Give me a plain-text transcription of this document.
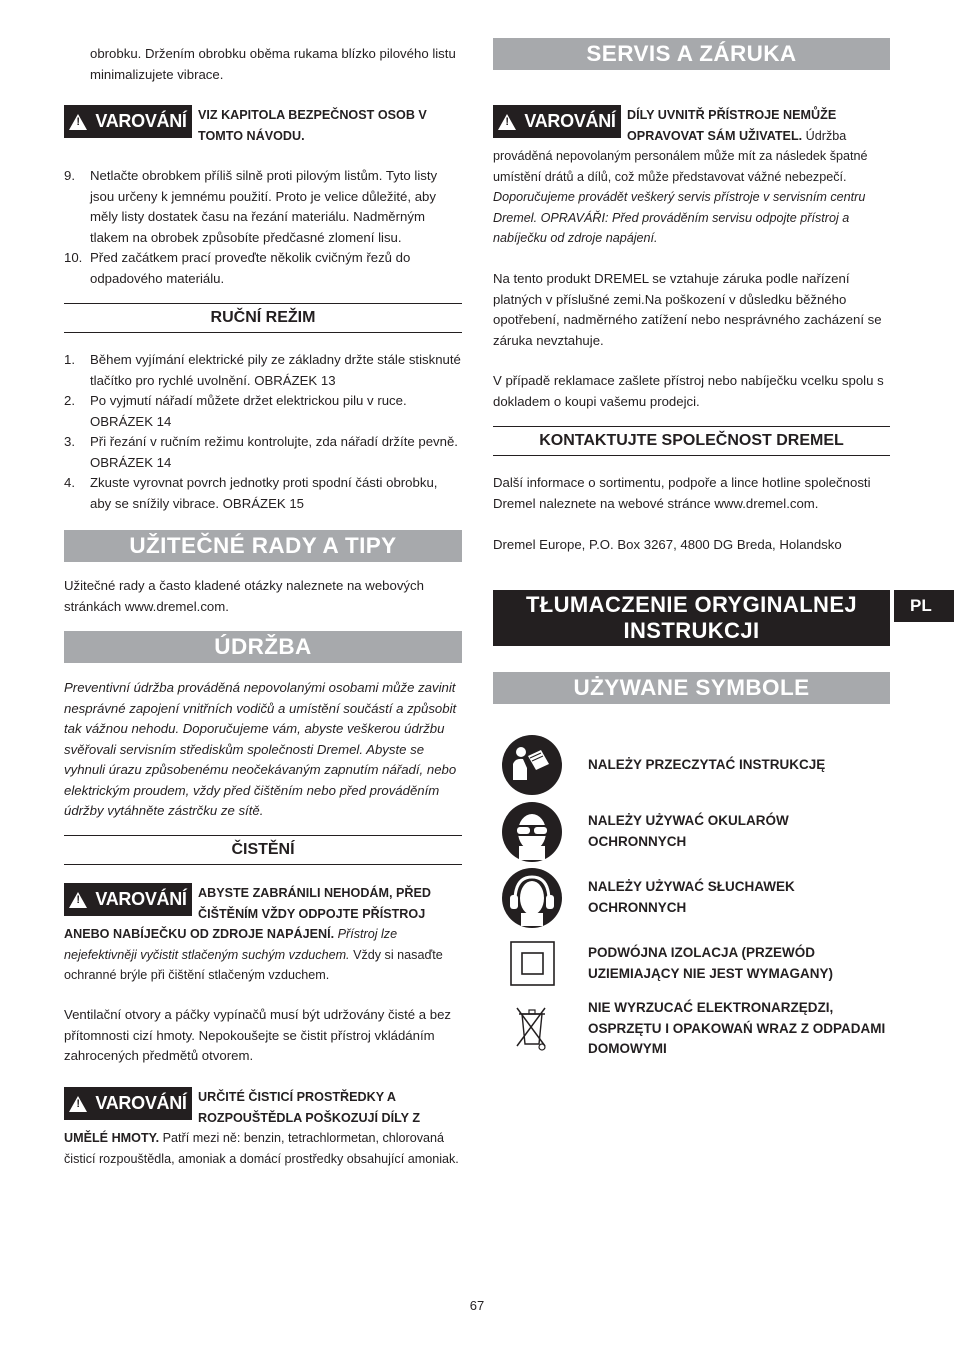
obrobku. Držením obrobku oběma rukama blízko pilového listu minimalizujete vibrace.

!
VAROVÁNÍ VIZ KAPITOLA BEZPEČNOST OSOB V TOMTO NÁVODU.
9. Netlačte obrobkem příliš silně proti pilovým listům. Tyto listy jsou určeny k jemnému použití. Proto je velice důležité, aby měly listy dostatek času na řezání materiálu. Nadměrným tlakem na obrobek způsobíte předčasné zlomení lisu.
10. Před začátkem prací proveďte několik cvičným řezů do odpadového materiálu.
RUČNÍ REŽIM
1. Během vyjímání elektrické pily ze základny držte stále stisknuté tlačítko pro rychlé uvolnění. OBRÁZEK 13
2. Po vyjmutí nářadí můžete držet elektrickou pilu v ruce. OBRÁZEK 14
3. Při řezání v ručním režimu kontrolujte, zda nářadí držíte pevně. OBRÁZEK 14
4. Zkuste vyrovnat povrch jednotky proti spodní části obrobku, aby se snížily vibrace. OBRÁZEK 15
UŽITEČNÉ RADY A TIPY

Užitečné rady a často kladené otázky naleznete na webových stránkách www.dremel.com.

ÚDRŽBA

Preventivní údržba prováděná nepovolanými osobami může zavinit nesprávné zapojení vnitřních vodičů a umístění součástí a způsobit tak vážnou nehodu. Doporučujeme vám, abyste veškerou údržbu svěřovali servisním střediskům společnosti Dremel. Abyste se vyhnuli úrazu způsobenému neočekávaným zapnutím nářadí, nebo elektrickým proudem, vždy před čištěním nebo před prováděním údržby vytáhněte zástrčku ze sítě.

ČISTĚNÍ
!
VAROVÁNÍ ABYSTE ZABRÁNILI NEHODÁM, PŘED ČIŠTĚNÍM VŽDY ODPOJTE PŘÍSTROJ ANEBO NABÍJEČKU OD ZDROJE NAPÁJENÍ. Přístroj lze nejefektivněji vyčistit stlačeným suchým vzduchem. Vždy si nasaďte ochranné brýle při čištění stlačeným vzduchem.

Ventilační otvory a páčky vypínačů musí být udržovány čisté a bez přítomnosti cizí hmoty. Nepokoušejte se čistit přístroj vkládáním zahrocených předmětů otvorem.

!
VAROVÁNÍ URČITÉ ČISTICÍ PROSTŘEDKY A ROZPOUŠTĚDLA POŠKOZUJÍ DÍLY Z UMĚLÉ HMOTY. Patří mezi ně: benzin, tetrachlormetan, chlorovaná čisticí rozpouštědla, amoniak a domácí prostředky obsahující amoniak.
SERVIS A ZÁRUKA
!
VAROVÁNÍ DÍLY UVNITŘ PŘÍSTROJE NEMŮŽE OPRAVOVAT SÁM UŽIVATEL. Údržba prováděná nepovolaným personálem může mít za následek špatné umístění drátů a dílů, což může představovat vážné nebezpečí. Doporučujeme provádět veškerý servis přístroje v servisním centru Dremel. OPRAVÁŘI: Před prováděním servisu odpojte přístroj a nabíječku od zdroje napájení.

Na tento produkt DREMEL se vztahuje záruka podle nařízení platných v příslušné zemi.Na poškození v důsledku běžného opotřebení, nadměrného zatížení nebo nesprávného zacházení se záruka nevztahuje.

V případě reklamace zašlete přístroj nebo nabíječku vcelku spolu s dokladem o koupi vašemu prodejci.

KONTAKTUJTE SPOLEČNOST DREMEL

Další informace o sortimentu, podpoře a lince hotline společnosti Dremel naleznete na webové stránce www.dremel.com.

Dremel Europe, P.O. Box 3267, 4800 DG Breda, Holandsko

TŁUMACZENIE ORYGINALNEJ
INSTRUKCJI
UŻYWANE SYMBOLE
NALEŻY PRZECZYTAĆ INSTRUKCJĘ
NALEŻY UŻYWAĆ OKULARÓW OCHRONNYCH
NALEŻY UŻYWAĆ SŁUCHAWEK OCHRONNYCH
PODWÓJNA IZOLACJA (PRZEWÓD UZIEMIAJĄCY NIE JEST WYMAGANY)
NIE WYRZUCAĆ ELEKTRONARZĘDZI, OSPRZĘTU I OPAKOWAŃ WRAZ Z ODPADAMI DOMOWYMI
PL
67
